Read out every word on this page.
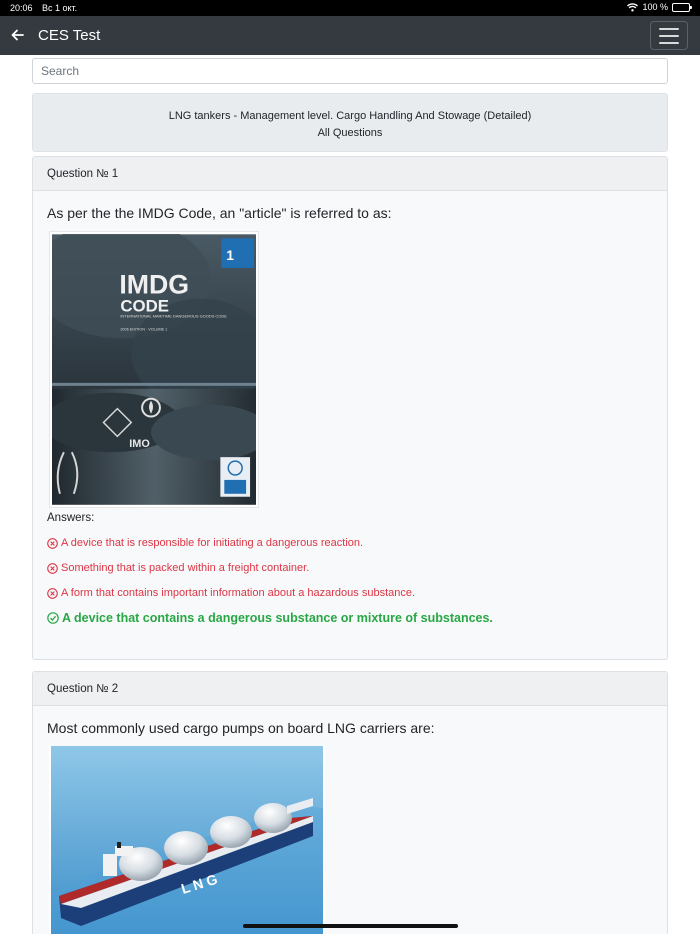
20:06 Вс 1 окт.	100 %
CES Test
Search
LNG tankers - Management level. Cargo Handling And Stowage (Detailed)
All Questions
Question № 1
As per the the IMDG Code, an "article" is referred to as:
1
IMDG
CODE
INTERNATIONAL MARITIME DANGEROUS GOODS CODE
2006 EDITION · VOLUME 1
IMO
Answers:
A device that is responsible for initiating a dangerous reaction.
Something that is packed within a freight container.
A form that contains important information about a hazardous substance.
A device that contains a dangerous substance or mixture of substances.
Question № 2
Most commonly used cargo pumps on board LNG carriers are:
L N G
